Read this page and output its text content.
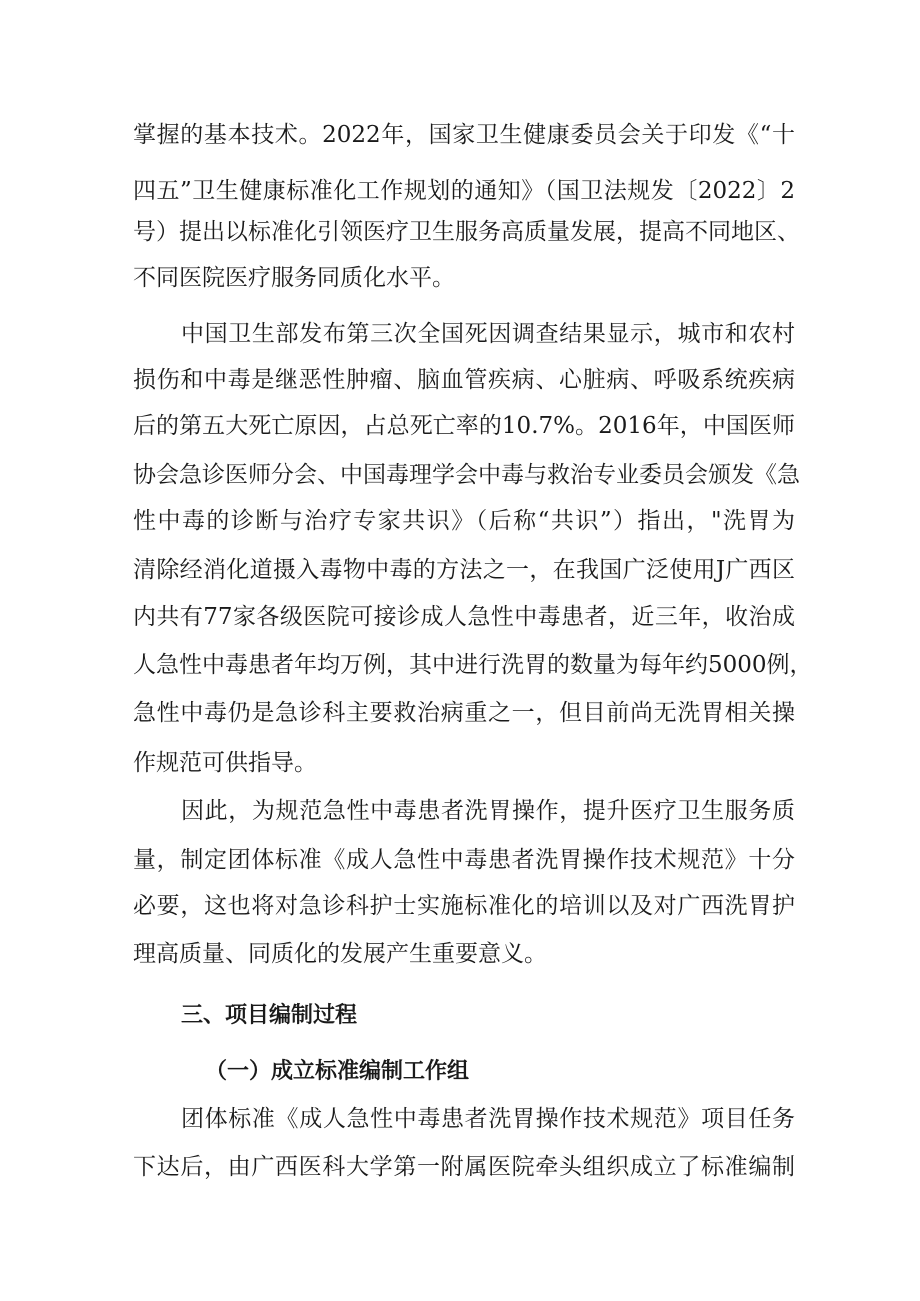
掌握的基本技术。2022年，国家卫生健康委员会关于印发《“十
四五”卫生健康标准化工作规划的通知》（国卫法规发〔2022〕2
号）提出以标准化引领医疗卫生服务高质量发展，提高不同地区、
不同医院医疗服务同质化水平。
中国卫生部发布第三次全国死因调查结果显示，城市和农村
损伤和中毒是继恶性肿瘤、脑血管疾病、心脏病、呼吸系统疾病
后的第五大死亡原因，占总死亡率的10.7%。2016年，中国医师
协会急诊医师分会、中国毒理学会中毒与救治专业委员会颁发《急
性中毒的诊断与治疗专家共识》（后称“共识”）指出，"洗胃为
清除经消化道摄入毒物中毒的方法之一，在我国广泛使用J广西区
内共有77家各级医院可接诊成人急性中毒患者，近三年，收治成
人急性中毒患者年均万例，其中进行洗胃的数量为每年约5000例，
急性中毒仍是急诊科主要救治病重之一，但目前尚无洗胃相关操
作规范可供指导。
因此，为规范急性中毒患者洗胃操作，提升医疗卫生服务质
量，制定团体标准《成人急性中毒患者洗胃操作技术规范》十分
必要，这也将对急诊科护士实施标准化的培训以及对广西洗胃护
理高质量、同质化的发展产生重要意义。
三、项目编制过程
（一）成立标准编制工作组
团体标准《成人急性中毒患者洗胃操作技术规范》项目任务
下达后，由广西医科大学第一附属医院牵头组织成立了标准编制
